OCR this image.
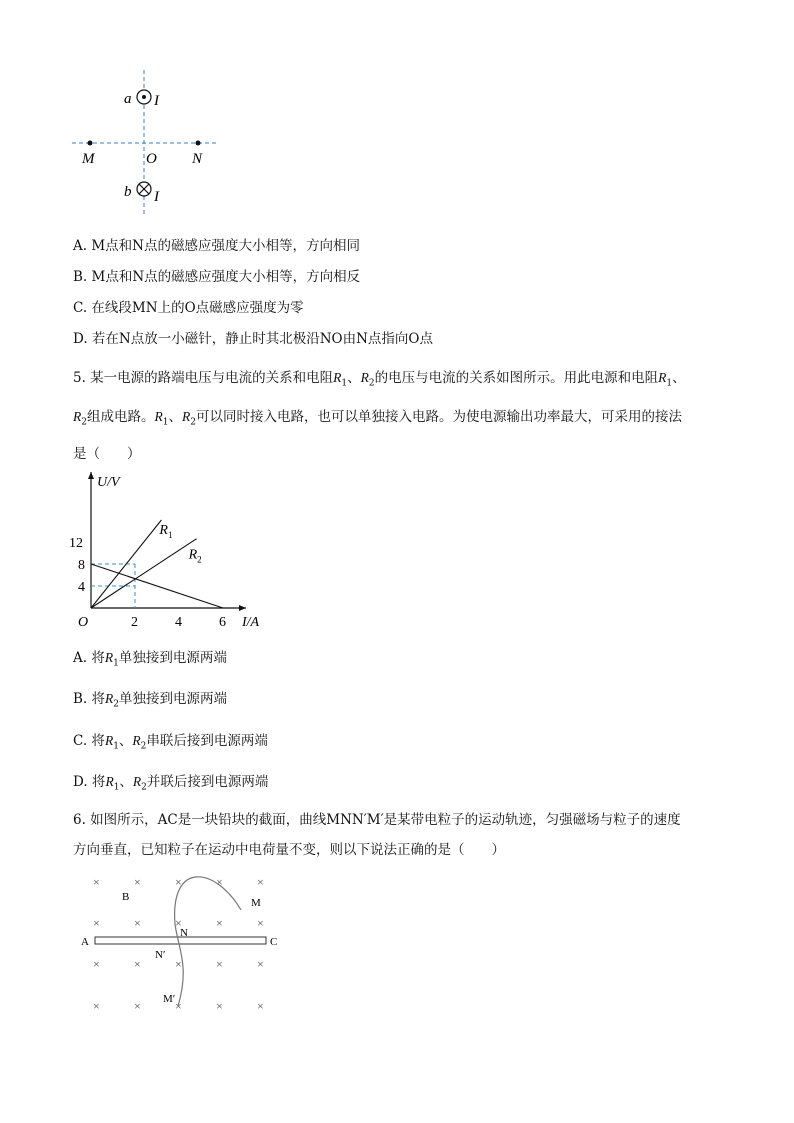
a I
M	O N
b I
A. M点和N点的磁感应强度大小相等，方向相同
B. M点和N点的磁感应强度大小相等，方向相反
C. 在线段MN上的O点磁感应强度为零
D. 若在N点放一小磁针，静止时其北极沿NO由N点指向O点
5. 某一电源的路端电压与电流的关系和电阻$R_1$、$R_2$的电压与电流的关系如图所示。用此电源和电阻$R_1$、
$R_2$组成电路。$R_1$、$R_2$可以同时接入电路，也可以单独接入电路。为使电源输出功率最大，可采用的接法
是（　　）
$R_1$
$R_2$
2	4	6
4
8
12
O
U/V
I/A
A. 将$R_1$单独接到电源两端
B. 将$R_2$单独接到电源两端
C. 将$R_1$、$R_2$串联后接到电源两端
D. 将$R_1$、$R_2$并联后接到电源两端
6. 如图所示，AC是一块铅块的截面，曲线MNN′M′是某带电粒子的运动轨迹，匀强磁场与粒子的速度
方向垂直，已知粒子在运动中电荷量不变，则以下说法正确的是（　　）
×
×
×
×
×
×
×
×
×
×
×
×
×
×
×
×
×
×
×
×
B
A	C
M
N
N′
M′
